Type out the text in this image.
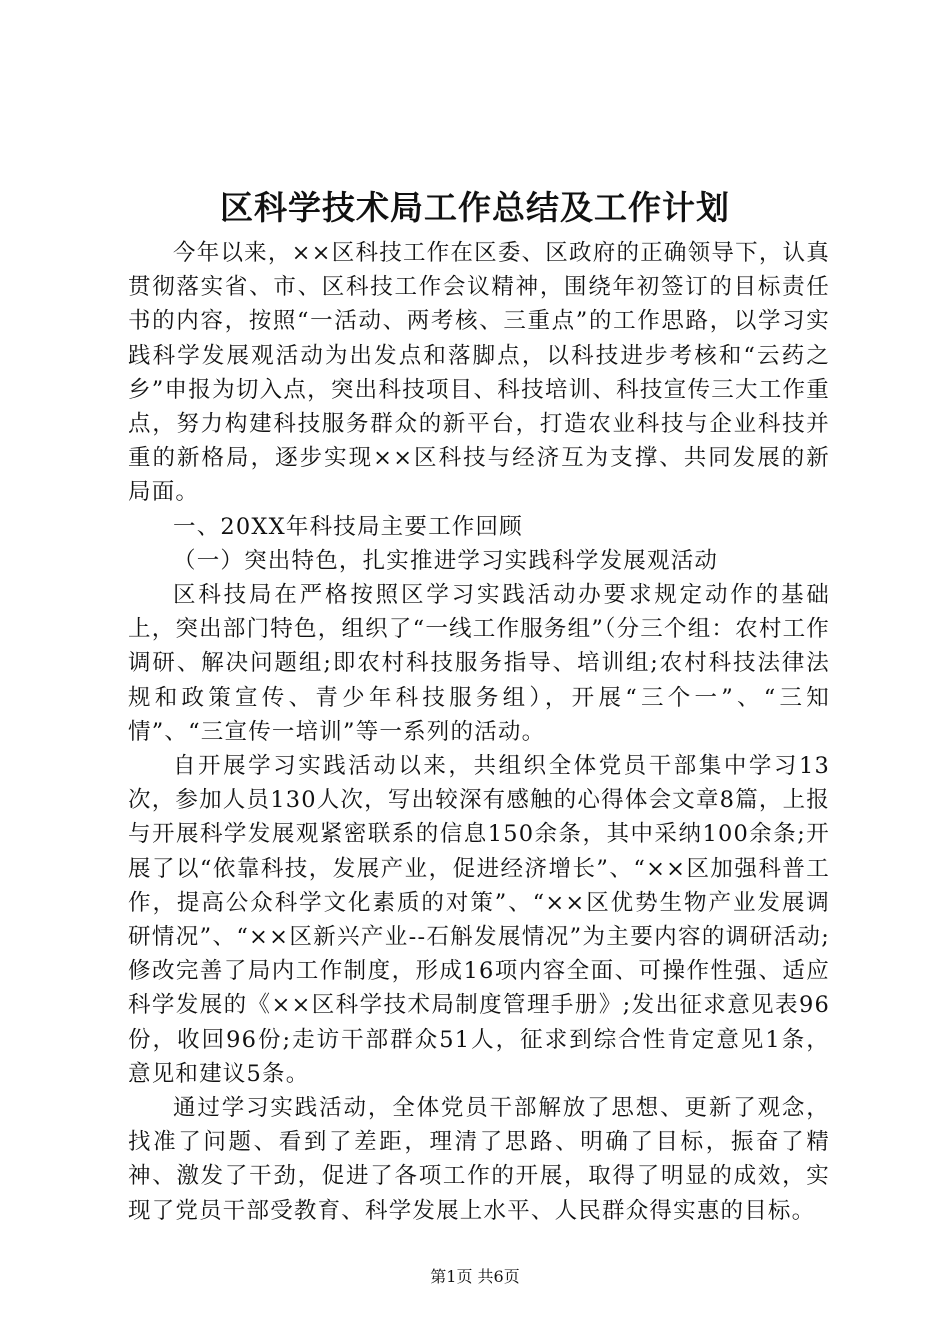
区科学技术局工作总结及工作计划

今年以来，××区科技工作在区委、区政府的正确领导下，认真贯彻落实省、市、区科技工作会议精神，围绕年初签订的目标责任书的内容，按照“一活动、两考核、三重点”的工作思路，以学习实践科学发展观活动为出发点和落脚点，以科技进步考核和“云药之乡”申报为切入点，突出科技项目、科技培训、科技宣传三大工作重点，努力构建科技服务群众的新平台，打造农业科技与企业科技并重的新格局，逐步实现××区科技与经济互为支撑、共同发展的新局面。

一、20XX年科技局主要工作回顾

（一）突出特色，扎实推进学习实践科学发展观活动

区科技局在严格按照区学习实践活动办要求规定动作的基础上，突出部门特色，组织了“一线工作服务组”（分三个组：农村工作调研、解决问题组;即农村科技服务指导、培训组;农村科技法律法规和政策宣传、青少年科技服务组），开展“三个一”、“三知情”、“三宣传一培训”等一系列的活动。

自开展学习实践活动以来，共组织全体党员干部集中学习13次，参加人员130人次，写出较深有感触的心得体会文章8篇，上报与开展科学发展观紧密联系的信息150余条，其中采纳100余条;开展了以“依靠科技，发展产业，促进经济增长”、“××区加强科普工作，提高公众科学文化素质的对策”、“××区优势生物产业发展调研情况”、“××区新兴产业--石斛发展情况”为主要内容的调研活动;修改完善了局内工作制度，形成16项内容全面、可操作性强、适应科学发展的《××区科学技术局制度管理手册》;发出征求意见表96份，收回96份;走访干部群众51人，征求到综合性肯定意见1条，意见和建议5条。

通过学习实践活动，全体党员干部解放了思想、更新了观念，找准了问题、看到了差距，理清了思路、明确了目标，振奋了精神、激发了干劲，促进了各项工作的开展，取得了明显的成效，实现了党员干部受教育、科学发展上水平、人民群众得实惠的目标。

第1页 共6页
